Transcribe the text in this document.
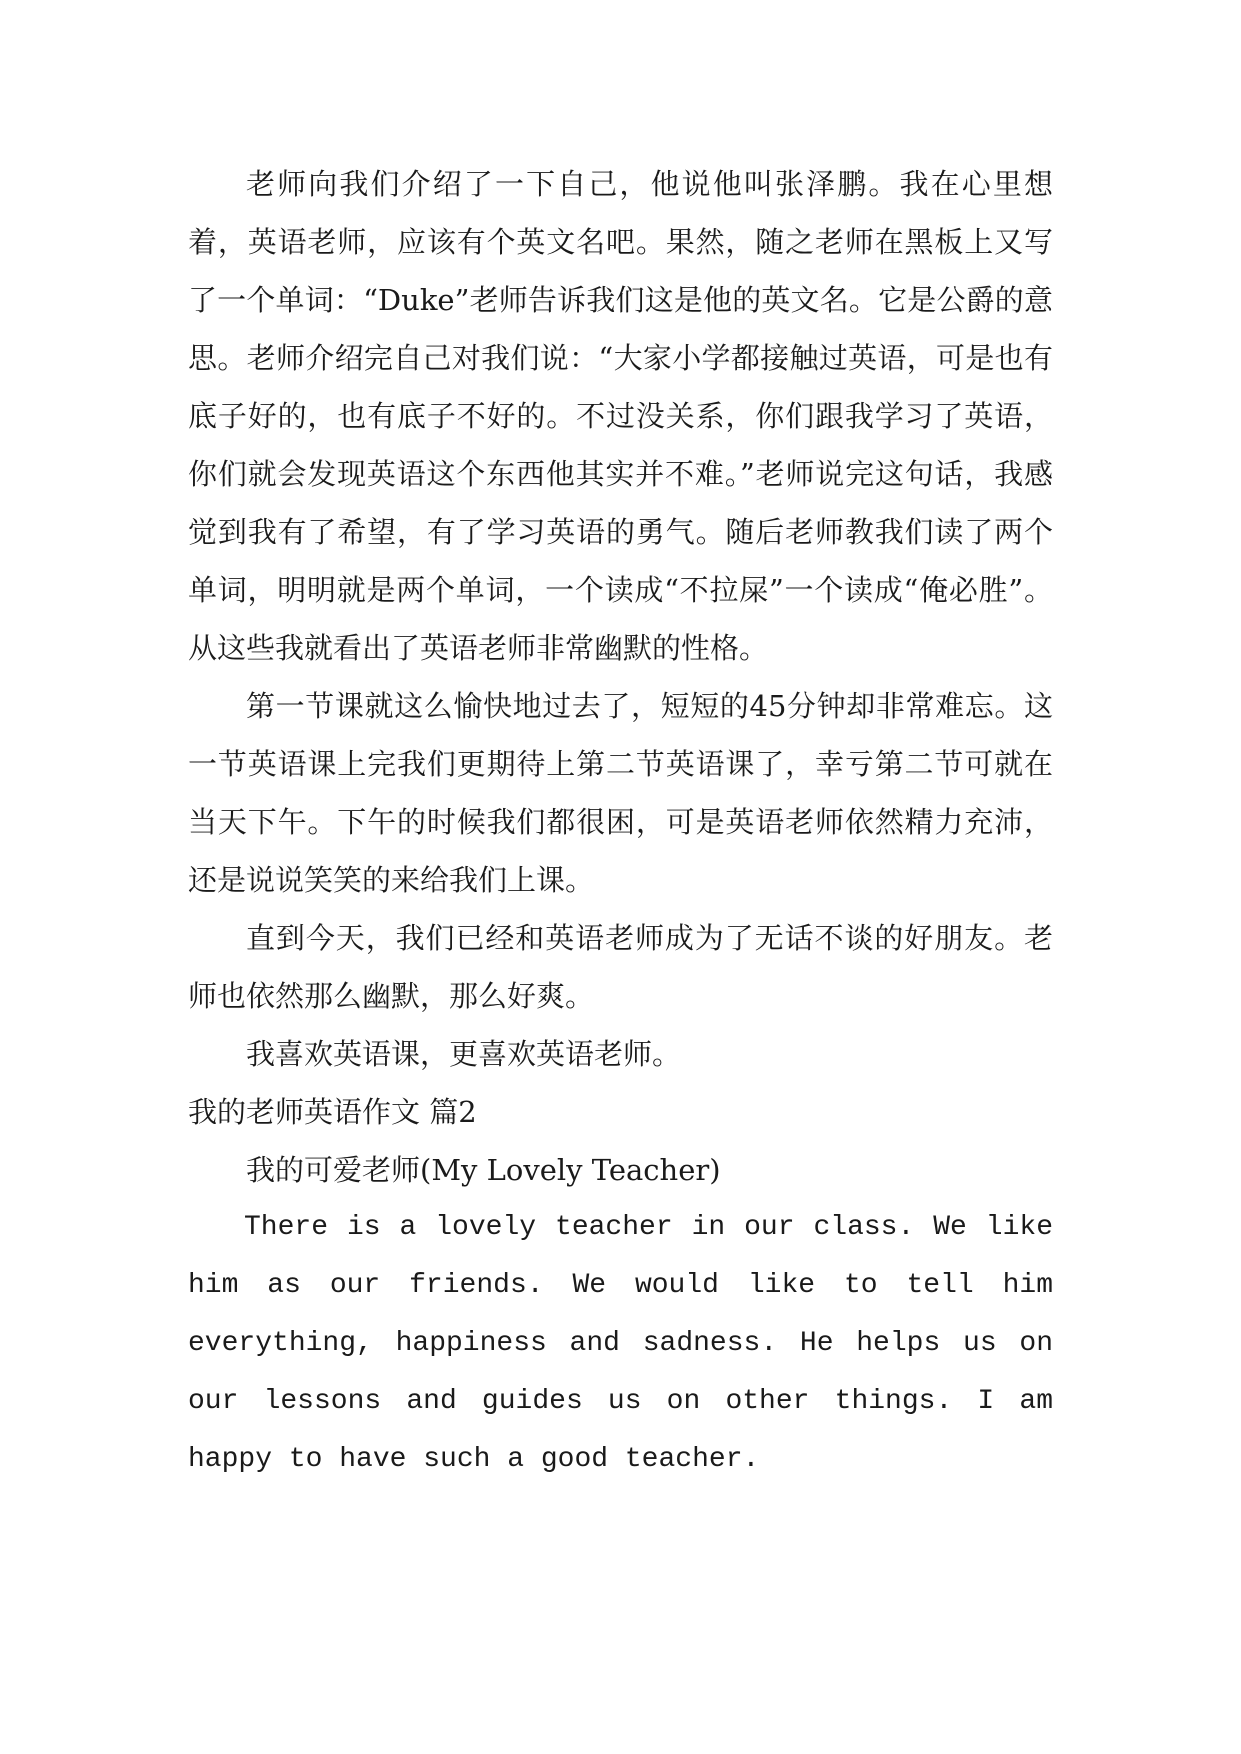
老师向我们介绍了一下自己，他说他叫张泽鹏。我在心里想着，英语老师，应该有个英文名吧。果然，随之老师在黑板上又写了一个单词：“Duke”老师告诉我们这是他的英文名。它是公爵的意思。老师介绍完自己对我们说：“大家小学都接触过英语，可是也有底子好的，也有底子不好的。不过没关系，你们跟我学习了英语，你们就会发现英语这个东西他其实并不难。”老师说完这句话，我感觉到我有了希望，有了学习英语的勇气。随后老师教我们读了两个单词，明明就是两个单词，一个读成“不拉屎”一个读成“俺必胜”。从这些我就看出了英语老师非常幽默的性格。

第一节课就这么愉快地过去了，短短的45分钟却非常难忘。这一节英语课上完我们更期待上第二节英语课了，幸亏第二节可就在当天下午。下午的时候我们都很困，可是英语老师依然精力充沛，还是说说笑笑的来给我们上课。

直到今天，我们已经和英语老师成为了无话不谈的好朋友。老师也依然那么幽默，那么好爽。

我喜欢英语课，更喜欢英语老师。

我的老师英语作文 篇2

我的可爱老师(My Lovely Teacher)

There is a lovely teacher in our class. We like him as our friends. We would like to tell him everything, happiness and sadness. He helps us on our lessons and guides us on other things. I am happy to have such a good teacher.
